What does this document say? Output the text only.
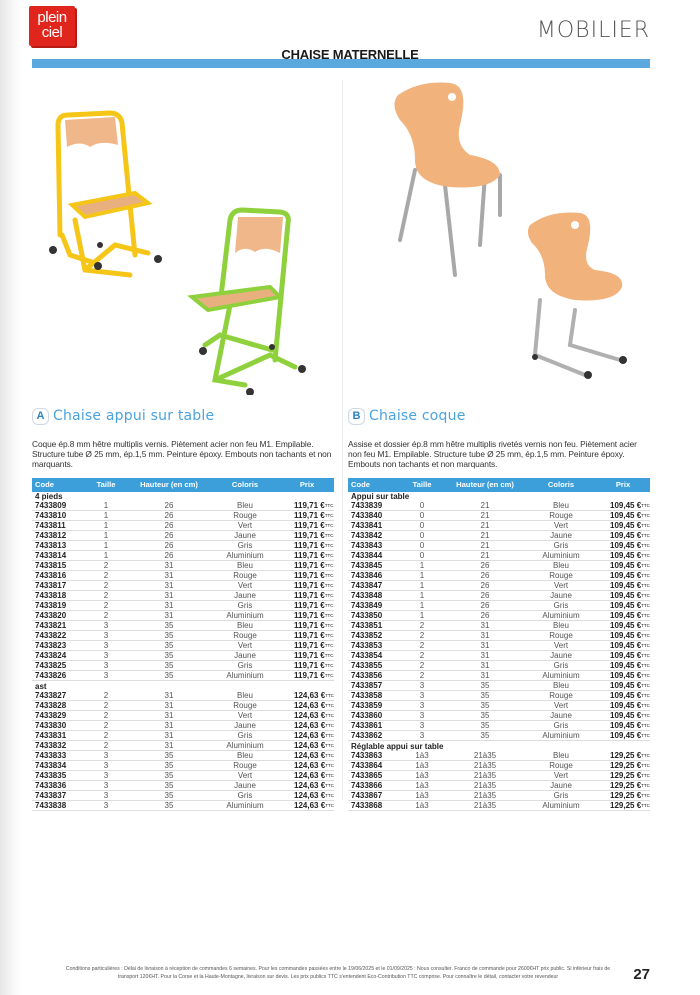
plein
ciel	MOBILIER
CHAISE MATERNELLE
A Chaise appui sur table
Coque ép.8 mm hêtre multiplis vernis. Piètement acier non feu M1. Empilable. Structure tube Ø 25 mm, ép.1,5 mm. Peinture époxy. Embouts non tachants et non marquants.
Code	Taille	Hauteur (en cm)	Coloris	Prix
4 pieds				
7433809	1	26	Bleu	119,71 €$^{TTC}$
7433810	1	26	Rouge	119,71 €$^{TTC}$
7433811	1	26	Vert	119,71 €$^{TTC}$
7433812	1	26	Jaune	119,71 €$^{TTC}$
7433813	1	26	Gris	119,71 €$^{TTC}$
7433814	1	26	Aluminium	119,71 €$^{TTC}$
7433815	2	31	Bleu	119,71 €$^{TTC}$
7433816	2	31	Rouge	119,71 €$^{TTC}$
7433817	2	31	Vert	119,71 €$^{TTC}$
7433818	2	31	Jaune	119,71 €$^{TTC}$
7433819	2	31	Gris	119,71 €$^{TTC}$
7433820	2	31	Aluminium	119,71 €$^{TTC}$
7433821	3	35	Bleu	119,71 €$^{TTC}$
7433822	3	35	Rouge	119,71 €$^{TTC}$
7433823	3	35	Vert	119,71 €$^{TTC}$
7433824	3	35	Jaune	119,71 €$^{TTC}$
7433825	3	35	Gris	119,71 €$^{TTC}$
7433826	3	35	Aluminium	119,71 €$^{TTC}$
ast				
7433827	2	31	Bleu	124,63 €$^{TTC}$
7433828	2	31	Rouge	124,63 €$^{TTC}$
7433829	2	31	Vert	124,63 €$^{TTC}$
7433830	2	31	Jaune	124,63 €$^{TTC}$
7433831	2	31	Gris	124,63 €$^{TTC}$
7433832	2	31	Aluminium	124,63 €$^{TTC}$
7433833	3	35	Bleu	124,63 €$^{TTC}$
7433834	3	35	Rouge	124,63 €$^{TTC}$
7433835	3	35	Vert	124,63 €$^{TTC}$
7433836	3	35	Jaune	124,63 €$^{TTC}$
7433837	3	35	Gris	124,63 €$^{TTC}$
7433838	3	35	Aluminium	124,63 €$^{TTC}$
B Chaise coque
Assise et dossier ép.8 mm hêtre multiplis rivetés vernis non feu. Piètement acier non feu M1. Empilable. Structure tube Ø 25 mm, ép.1,5 mm. Peinture époxy. Embouts non tachants et non marquants.
Code	Taille	Hauteur (en cm)	Coloris	Prix
Appui sur table				
7433839	0	21	Bleu	109,45 €$^{TTC}$
7433840	0	21	Rouge	109,45 €$^{TTC}$
7433841	0	21	Vert	109,45 €$^{TTC}$
7433842	0	21	Jaune	109,45 €$^{TTC}$
7433843	0	21	Gris	109,45 €$^{TTC}$
7433844	0	21	Aluminium	109,45 €$^{TTC}$
7433845	1	26	Bleu	109,45 €$^{TTC}$
7433846	1	26	Rouge	109,45 €$^{TTC}$
7433847	1	26	Vert	109,45 €$^{TTC}$
7433848	1	26	Jaune	109,45 €$^{TTC}$
7433849	1	26	Gris	109,45 €$^{TTC}$
7433850	1	26	Aluminium	109,45 €$^{TTC}$
7433851	2	31	Bleu	109,45 €$^{TTC}$
7433852	2	31	Rouge	109,45 €$^{TTC}$
7433853	2	31	Vert	109,45 €$^{TTC}$
7433854	2	31	Jaune	109,45 €$^{TTC}$
7433855	2	31	Gris	109,45 €$^{TTC}$
7433856	2	31	Aluminium	109,45 €$^{TTC}$
7433857	3	35	Bleu	109,45 €$^{TTC}$
7433858	3	35	Rouge	109,45 €$^{TTC}$
7433859	3	35	Vert	109,45 €$^{TTC}$
7433860	3	35	Jaune	109,45 €$^{TTC}$
7433861	3	35	Gris	109,45 €$^{TTC}$
7433862	3	35	Aluminium	109,45 €$^{TTC}$
Réglable appui sur table				
7433863	1à3	21à35	Bleu	129,25 €$^{TTC}$
7433864	1à3	21à35	Rouge	129,25 €$^{TTC}$
7433865	1à3	21à35	Vert	129,25 €$^{TTC}$
7433866	1à3	21à35	Jaune	129,25 €$^{TTC}$
7433867	1à3	21à35	Gris	129,25 €$^{TTC}$
7433868	1à3	21à35	Aluminium	129,25 €$^{TTC}$
Conditions particulières : Délai de livraison à réception de commandes 6 semaines. Pour les commandes passées entre le 19/06/2025 et le 01/09/2025 : Nous consulter. Franco de commande pour 2600€HT prix public. Si inférieur frais de transport 120€HT. Pour la Corse et la Haute-Montagne, livraison sur devis. Les prix publics TTC s'entendent Eco-Contribution TTC comprise. Pour connaître le détail, contacter votre revendeur	27
